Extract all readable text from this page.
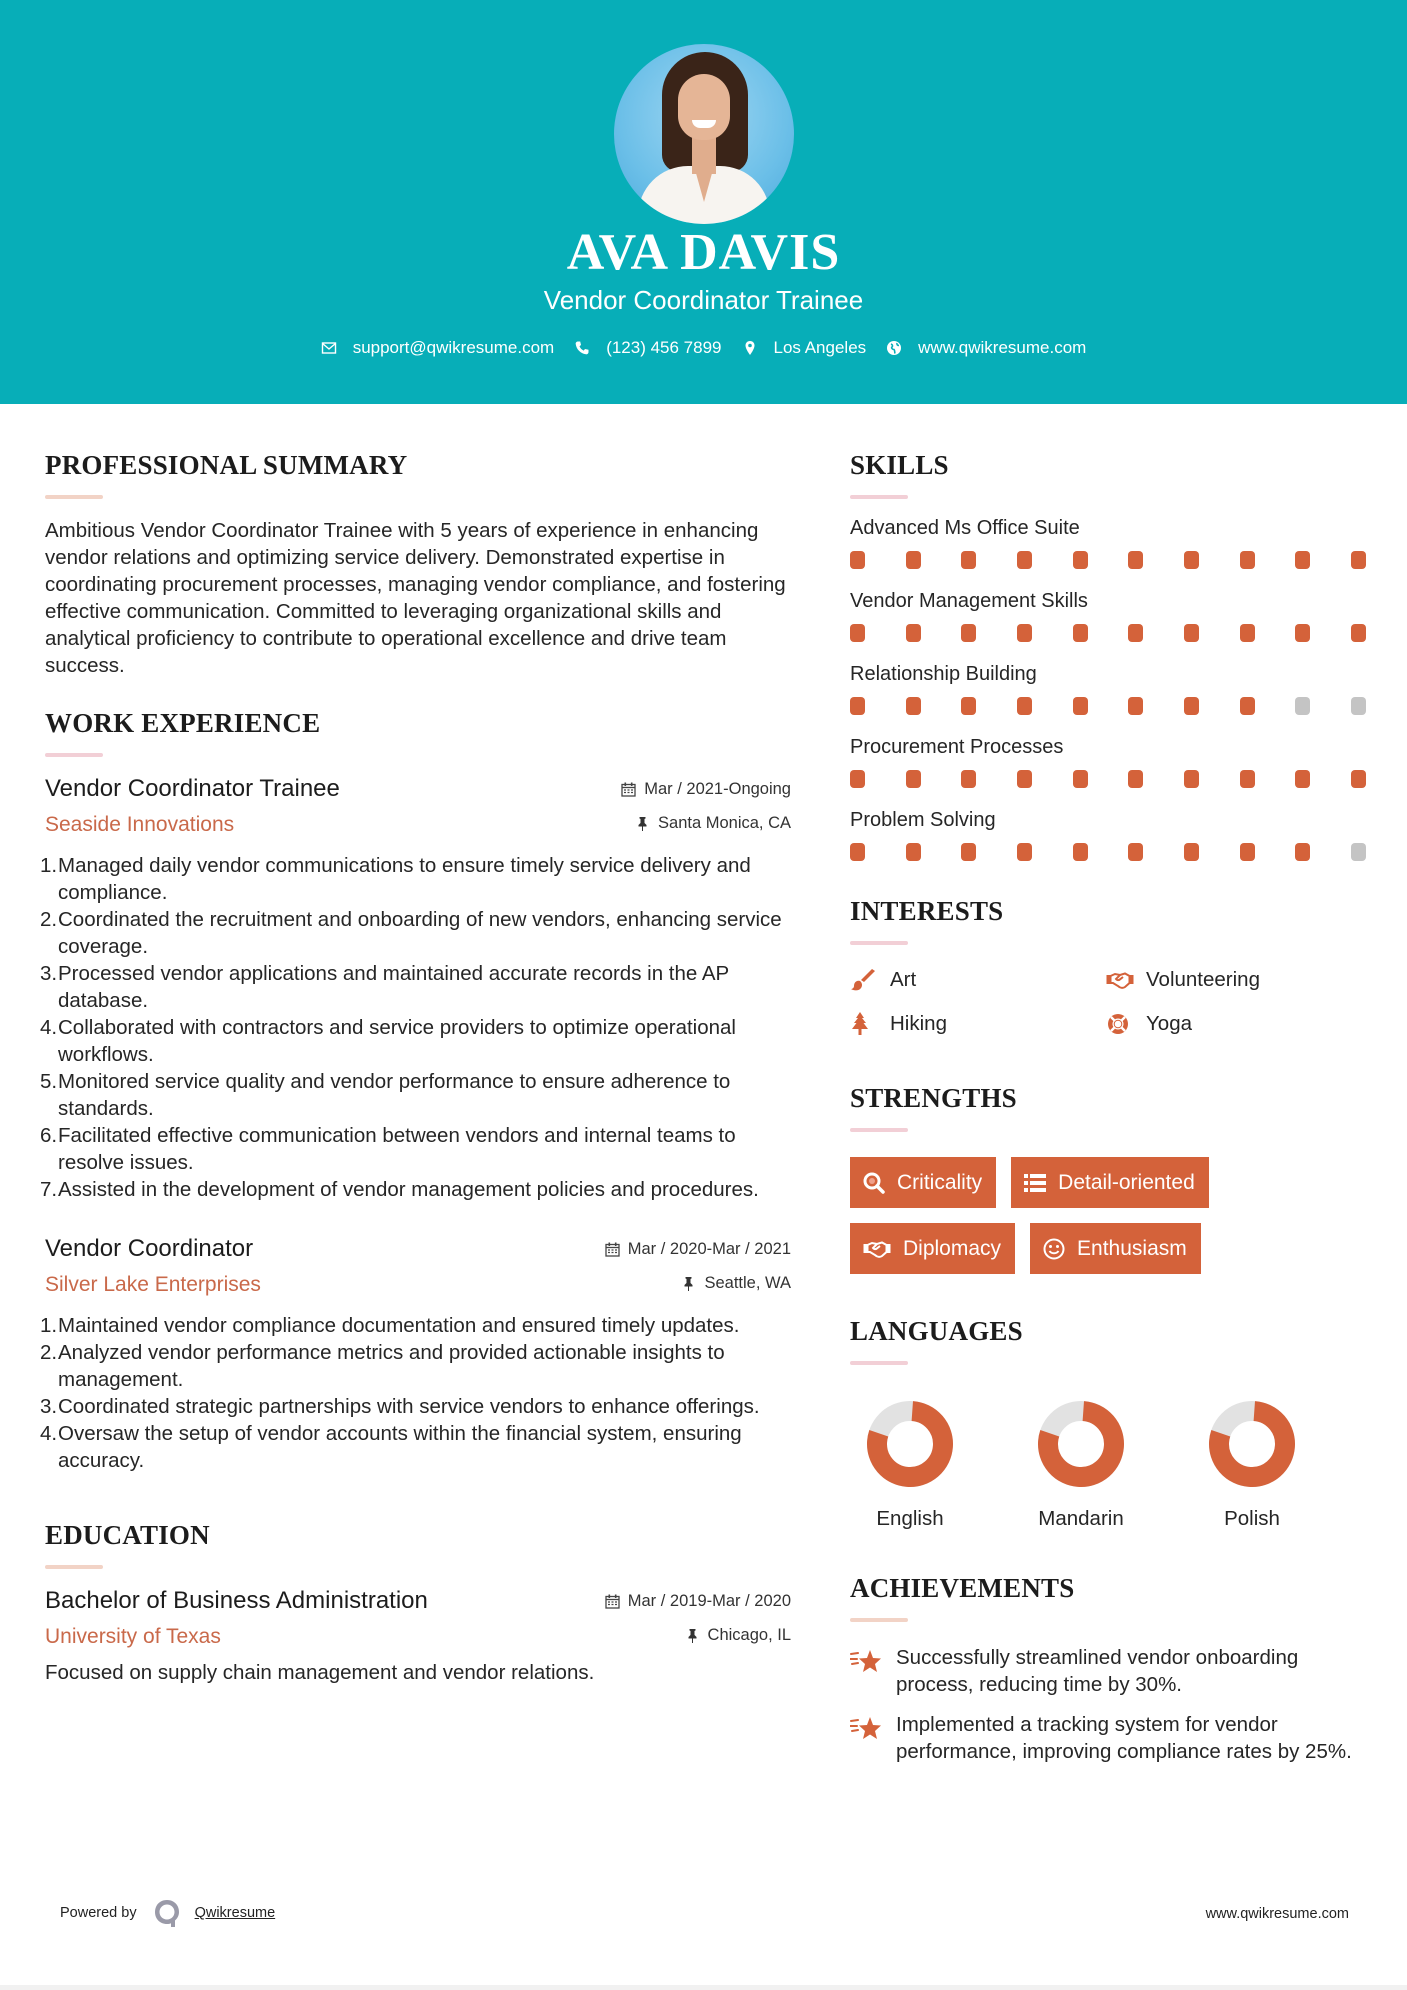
AVA DAVIS
Vendor Coordinator Trainee
support@qwikresume.com	(123) 456 7899	Los Angeles	www.qwikresume.com
PROFESSIONAL SUMMARY

Ambitious Vendor Coordinator Trainee with 5 years of experience in enhancing vendor relations and optimizing service delivery. Demonstrated expertise in coordinating procurement processes, managing vendor compliance, and fostering effective communication. Committed to leveraging organizational skills and analytical proficiency to contribute to operational excellence and drive team success.

WORK EXPERIENCE
Vendor Coordinator Trainee	Mar / 2021-Ongoing
Seaside Innovations	Santa Monica, CA
1. Managed daily vendor communications to ensure timely service delivery and compliance.
2. Coordinated the recruitment and onboarding of new vendors, enhancing service coverage.
3. Processed vendor applications and maintained accurate records in the AP database.
4. Collaborated with contractors and service providers to optimize operational workflows.
5. Monitored service quality and vendor performance to ensure adherence to standards.
6. Facilitated effective communication between vendors and internal teams to resolve issues.
7. Assisted in the development of vendor management policies and procedures.
Vendor Coordinator	Mar / 2020-Mar / 2021
Silver Lake Enterprises	Seattle, WA
1. Maintained vendor compliance documentation and ensured timely updates.
2. Analyzed vendor performance metrics and provided actionable insights to management.
3. Coordinated strategic partnerships with service vendors to enhance offerings.
4. Oversaw the setup of vendor accounts within the financial system, ensuring accuracy.
EDUCATION
Bachelor of Business Administration	Mar / 2019-Mar / 2020
University of Texas	Chicago, IL

Focused on supply chain management and vendor relations.

SKILLS
Advanced Ms Office Suite
Vendor Management Skills
Relationship Building
Procurement Processes
Problem Solving
INTERESTS
Art	Volunteering
Hiking	Yoga
STRENGTHS
Criticality	Detail-oriented
Diplomacy	Enthusiasm
LANGUAGES
English	Mandarin	Polish
ACHIEVEMENTS
Successfully streamlined vendor onboarding process, reducing time by 30%.
Implemented a tracking system for vendor performance, improving compliance rates by 25%.
Powered by	Qwikresume	www.qwikresume.com
